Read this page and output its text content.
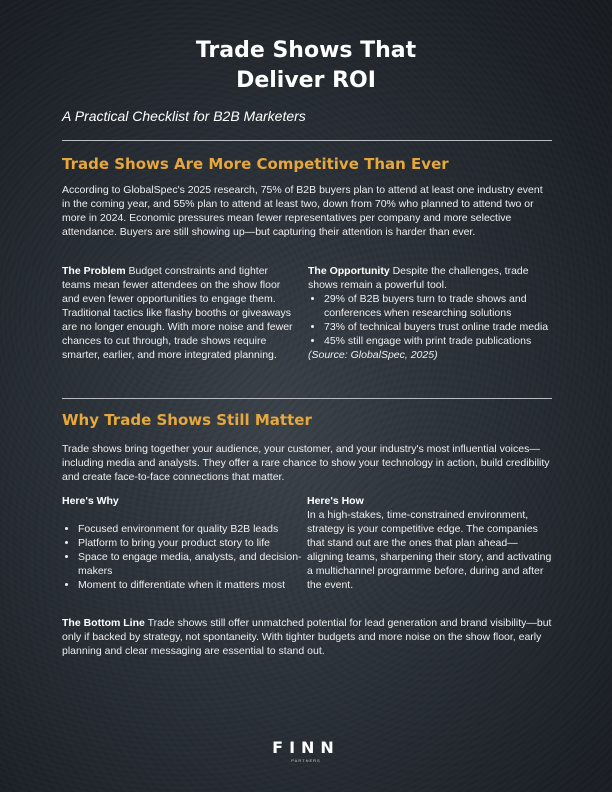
Trade Shows That
Deliver ROI

A Practical Checklist for B2B Marketers

Trade Shows Are More Competitive Than Ever

According to GlobalSpec's 2025 research, 75% of B2B buyers plan to attend at least one industry event in the coming year, and 55% plan to attend at least two, down from 70% who planned to attend two or more in 2024. Economic pressures mean fewer representatives per company and more selective attendance. Buyers are still showing up—but capturing their attention is harder than ever.

The Problem Budget constraints and tighter teams mean fewer attendees on the show floor and even fewer opportunities to engage them. Traditional tactics like flashy booths or giveaways are no longer enough. With more noise and fewer chances to cut through, trade shows require smarter, earlier, and more integrated planning.

The Opportunity Despite the challenges, trade shows remain a powerful tool.
• 29% of B2B buyers turn to trade shows and conferences when researching solutions
• 73% of technical buyers trust online trade media
• 45% still engage with print trade publications
(Source: GlobalSpec, 2025)
Why Trade Shows Still Matter

Trade shows bring together your audience, your customer, and your industry's most influential voices—including media and analysts. They offer a rare chance to show your technology in action, build credibility and create face-to-face connections that matter.

Here's Why
• Focused environment for quality B2B leads
• Platform to bring your product story to life
• Space to engage media, analysts, and decision-makers
• Moment to differentiate when it matters most
Here's How
In a high-stakes, time-constrained environment, strategy is your competitive edge. The companies that stand out are the ones that plan ahead—aligning teams, sharpening their story, and activating a multichannel programme before, during and after the event.

The Bottom Line Trade shows still offer unmatched potential for lead generation and brand visibility—but only if backed by strategy, not spontaneity. With tighter budgets and more noise on the show floor, early planning and clear messaging are essential to stand out.

FINN
PARTNERS
